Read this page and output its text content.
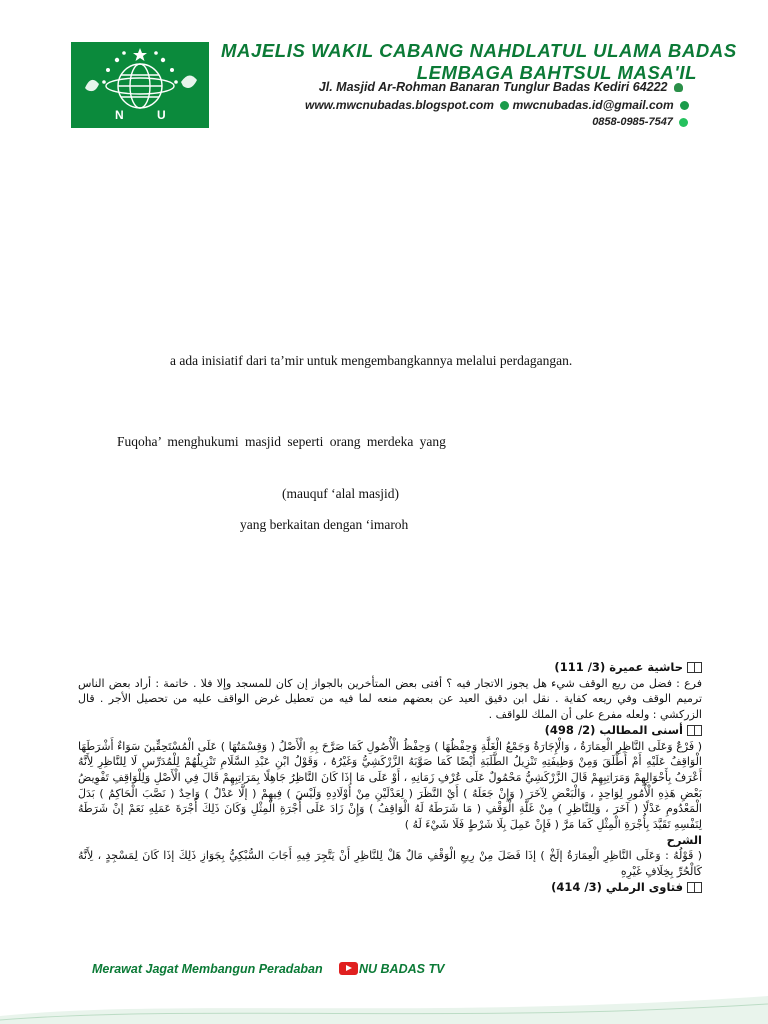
N	U
MAJELIS WAKIL CABANG NAHDLATUL ULAMA BADAS
LEMBAGA BAHTSUL MASA'IL
Jl. Masjid Ar-Rohman Banaran Tunglur Badas Kediri 64222
www.mwcnubadas.blogspot.com mwcnubadas.id@gmail.com
0858-0985-7547
a ada inisiatif dari ta’mir untuk mengembangkannya melalui perdagangan.
Fuqoha’ menghukumi masjid seperti orang merdeka yang
(mauquf ‘alal masjid)
yang berkaitan dengan ‘imaroh
حاشية عميرة (3/ 111)

فرع : فضل من ريع الوقف شيء هل يجوز الاتجار فيه ؟ أفتى بعض المتأخرين بالجواز إن كان للمسجد وإلا فلا . خاتمة : أراد بعض الناس ترميم الوقف وفي ريعه كفاية . نقل ابن دقيق العيد عن بعضهم منعه لما فيه من تعطيل غرض الواقف عليه من تحصيل الأجر . قال الزركشي : ولعله مفرع على أن الملك للواقف .

أسنى المطالب (2/ 498)

( فَرْعٌ وَعَلَى النَّاظِرِ الْعِمَارَةُ ، وَالْإِجَارَةُ وَجَمْعُ الْغَلَّةِ وَحِفْظُهَا ) وَحِفْظُ الْأُصُولِ كَمَا صَرَّحَ بِهِ الْأَصْلُ ( وَقِسْمَتُهَا ) عَلَى الْمُسْتَحِقِّينَ سَوَاءٌ أَشْرَطَهَا الْوَاقِفُ عَلَيْهِ أَمْ أَطْلَقَ وَمِنْ وَظِيفَتِهِ تَنْزِيلُ الطَّلَبَةِ أَيْضًا كَمَا صَوَّبَهُ الزَّرْكَشِيُّ وَغَيْرُهُ ، وَقَوْلُ ابْنِ عَبْدِ السَّلَامِ تَنْزِيلُهُمْ لِلْمُدَرِّسِ لَا لِلنَّاظِرِ لِأَنَّهُ أَعْرَفُ بِأَحْوَالِهِمْ وَمَرَاتِبِهِمْ قَالَ الزَّرْكَشِيُّ مَحْمُولٌ عَلَى عُرْفِ زَمَانِهِ ، أَوْ عَلَى مَا إذَا كَانَ النَّاظِرُ جَاهِلًا بِمَرَاتِبِهِمْ قَالَ فِي الْأَصْلِ وَلِلْوَاقِفِ تَفْوِيضُ بَعْضِ هَذِهِ الْأُمُورِ لِوَاحِدٍ ، وَالْبَعْضِ لِآخَرَ ( وَإِنْ جَعَلَهُ ) أَيْ النَّظَرَ ( لِعَدْلَيْنِ مِنْ أَوْلَادِهِ وَلَيْسَ ) فِيهِمْ ( إلَّا عَدْلٌ ) وَاحِدٌ ( نَصَّبَ الْحَاكِمُ ) بَدَلَ الْمَعْدُومِ عَدْلًا ( آخَرَ ، وَلِلنَّاظِرِ ) مِنْ غَلَّةِ الْوَقْفِ ( مَا شَرَطَهُ لَهُ الْوَاقِفُ ) وَإِنْ زَادَ عَلَى أُجْرَةِ الْمِثْلِ وَكَانَ ذَلِكَ أُجْرَةَ عَمَلِهِ نَعَمْ إنْ شَرَطَهُ لِنَفْسِهِ تَقَيَّدَ بِأُجْرَةِ الْمِثْلِ كَمَا مَرَّ ( فَإِنْ عَمِلَ بِلَا شَرْطٍ فَلَا شَيْءَ لَهُ )

الشرح

( قَوْلُهُ : وَعَلَى النَّاظِرِ الْعِمَارَةُ إلَخْ ) إذَا فَضَلَ مِنْ رِيعِ الْوَقْفِ مَالٌ هَلْ لِلنَّاظِرِ أَنْ يَتَّجِرَ فِيهِ أَجَابَ السُّبْكِيُّ بِجَوَازِ ذَلِكَ إذَا كَانَ لِمَسْجِدٍ ، لِأَنَّهُ كَالْحُرِّ بِخِلَافِ غَيْرِهِ

فتاوى الرملي (3/ 414)
Merawat Jagat Membangun Peradaban	NU BADAS TV
